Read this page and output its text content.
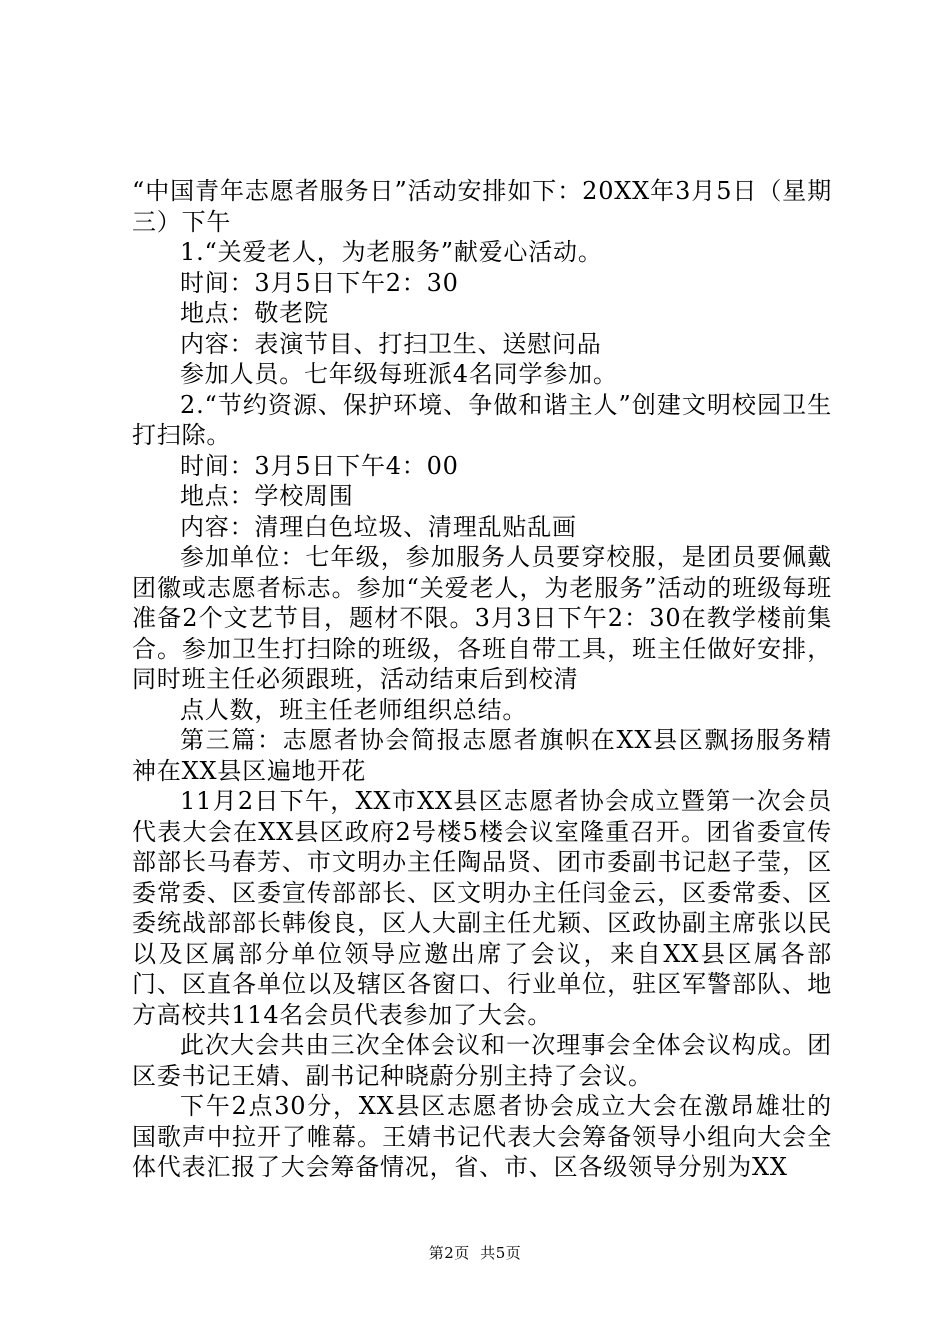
“中国青年志愿者服务日”活动安排如下：20XX年3月5日（星期三）下午

1.“关爱老人，为老服务”献爱心活动。

时间：3月5日下午2：30

地点：敬老院

内容：表演节目、打扫卫生、送慰问品

参加人员。七年级每班派4名同学参加。

2.“节约资源、保护环境、争做和谐主人”创建文明校园卫生打扫除。

时间：3月5日下午4：00

地点：学校周围

内容：清理白色垃圾、清理乱贴乱画

参加单位：七年级，参加服务人员要穿校服，是团员要佩戴团徽或志愿者标志。参加“关爱老人，为老服务”活动的班级每班准备2个文艺节目，题材不限。3月3日下午2：30在教学楼前集合。参加卫生打扫除的班级，各班自带工具，班主任做好安排，同时班主任必须跟班，活动结束后到校清

点人数，班主任老师组织总结。

第三篇：志愿者协会简报志愿者旗帜在XX县区飘扬服务精神在XX县区遍地开花

11月2日下午，XX市XX县区志愿者协会成立暨第一次会员代表大会在XX县区政府2号楼5楼会议室隆重召开。团省委宣传部部长马春芳、市文明办主任陶品贤、团市委副书记赵子莹，区委常委、区委宣传部部长、区文明办主任闫金云，区委常委、区委统战部部长韩俊良，区人大副主任尤颖、区政协副主席张以民以及区属部分单位领导应邀出席了会议，来自XX县区属各部门、区直各单位以及辖区各窗口、行业单位，驻区军警部队、地方高校共114名会员代表参加了大会。

此次大会共由三次全体会议和一次理事会全体会议构成。团区委书记王婧、副书记种晓蔚分别主持了会议。

下午2点30分，XX县区志愿者协会成立大会在激昂雄壮的国歌声中拉开了帷幕。王婧书记代表大会筹备领导小组向大会全体代表汇报了大会筹备情况，省、市、区各级领导分别为XX

第2页  共5页
